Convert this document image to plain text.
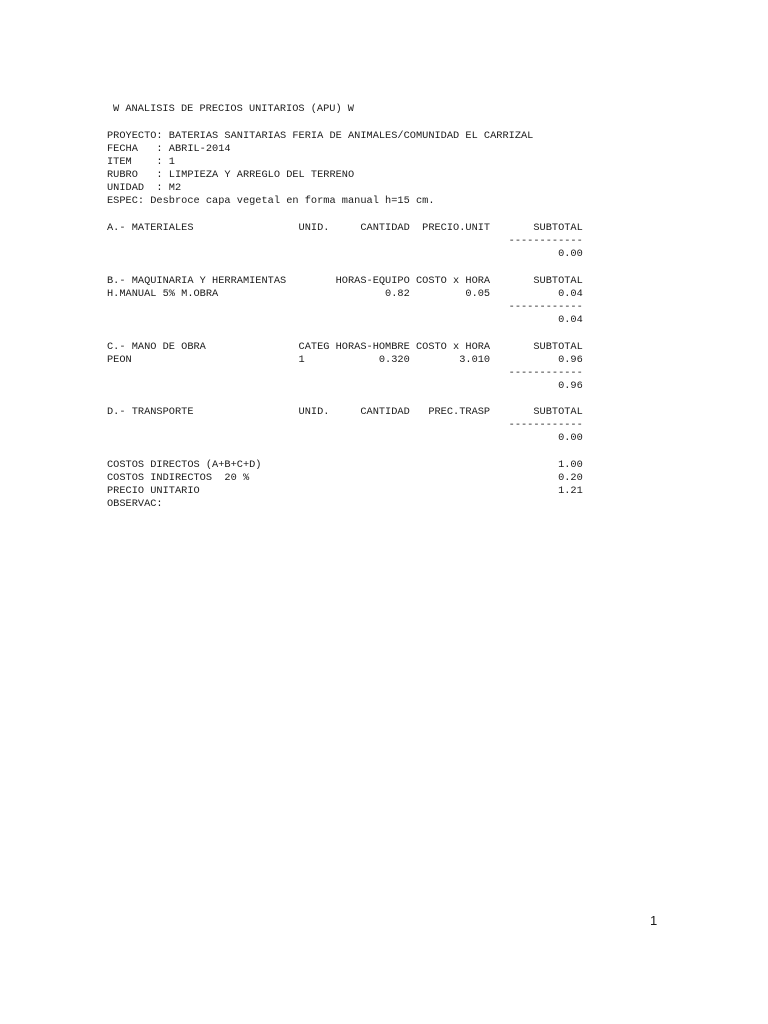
W ANALISIS DE PRECIOS UNITARIOS (APU) W
PROYECTO: BATERIAS SANITARIAS FERIA DE ANIMALES/COMUNIDAD EL CARRIZAL
FECHA   : ABRIL-2014
ITEM    : 1
RUBRO   : LIMPIEZA Y ARREGLO DEL TERRENO
UNIDAD  : M2
ESPEC: Desbroce capa vegetal en forma manual h=15 cm.
A.- MATERIALES                 UNID.     CANTIDAD  PRECIO.UNIT       SUBTOTAL
------------
0.00
B.- MAQUINARIA Y HERRAMIENTAS        HORAS-EQUIPO COSTO x HORA       SUBTOTAL
H.MANUAL 5% M.OBRA                           0.82         0.05           0.04
------------
0.04
C.- MANO DE OBRA               CATEG HORAS-HOMBRE COSTO x HORA       SUBTOTAL
PEON                           1            0.320        3.010           0.96
------------
0.96
D.- TRANSPORTE                 UNID.     CANTIDAD   PREC.TRASP       SUBTOTAL
------------
0.00
COSTOS DIRECTOS (A+B+C+D)                                                1.00
COSTOS INDIRECTOS  20 %                                                  0.20
PRECIO UNITARIO                                                          1.21
OBSERVAC:
1
